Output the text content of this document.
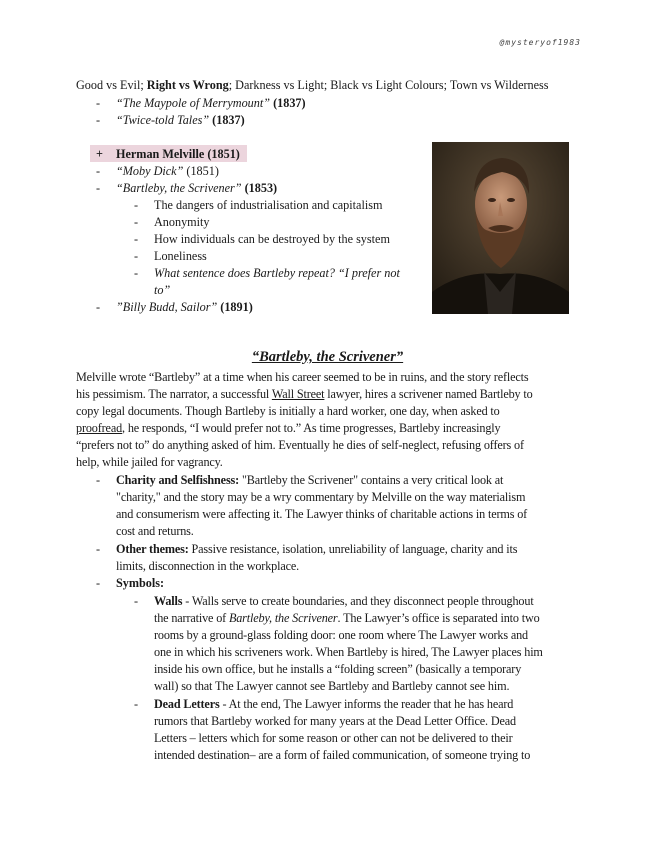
@mysteryof1983
Good vs Evil; Right vs Wrong; Darkness vs Light; Black vs Light Colours; Town vs Wilderness
- “The Maypole of Merrymount” (1837)
- “Twice-told Tales” (1837)
+ Herman Melville (1851)
- “Moby Dick” (1851)
- “Bartleby, the Scrivener” (1853)
- The dangers of industrialisation and capitalism
- Anonymity
- How individuals can be destroyed by the system
- Loneliness
- What sentence does Bartleby repeat? “I prefer not
to”
- ”Billy Budd, Sailor” (1891)
“Bartleby, the Scrivener”
Melville wrote “Bartleby” at a time when his career seemed to be in ruins, and the story reflects
his pessimism. The narrator, a successful Wall Street lawyer, hires a scrivener named Bartleby to
copy legal documents. Though Bartleby is initially a hard worker, one day, when asked to
proofread, he responds, “I would prefer not to.” As time progresses, Bartleby increasingly
“prefers not to” do anything asked of him. Eventually he dies of self-neglect, refusing offers of
help, while jailed for vagrancy.
- Charity and Selfishness: "Bartleby the Scrivener" contains a very critical look at
"charity," and the story may be a wry commentary by Melville on the way materialism
and consumerism were affecting it. The Lawyer thinks of charitable actions in terms of
cost and returns.
- Other themes: Passive resistance, isolation, unreliability of language, charity and its
limits, disconnection in the workplace.
- Symbols:
- Walls - Walls serve to create boundaries, and they disconnect people throughout
the narrative of Bartleby, the Scrivener. The Lawyer’s office is separated into two
rooms by a ground-glass folding door: one room where The Lawyer works and
one in which his scriveners work. When Bartleby is hired, The Lawyer places him
inside his own office, but he installs a “folding screen” (basically a temporary
wall) so that The Lawyer cannot see Bartleby and Bartleby cannot see him.
- Dead Letters - At the end, The Lawyer informs the reader that he has heard
rumors that Bartleby worked for many years at the Dead Letter Office. Dead
Letters – letters which for some reason or other can not be delivered to their
intended destination– are a form of failed communication, of someone trying to
